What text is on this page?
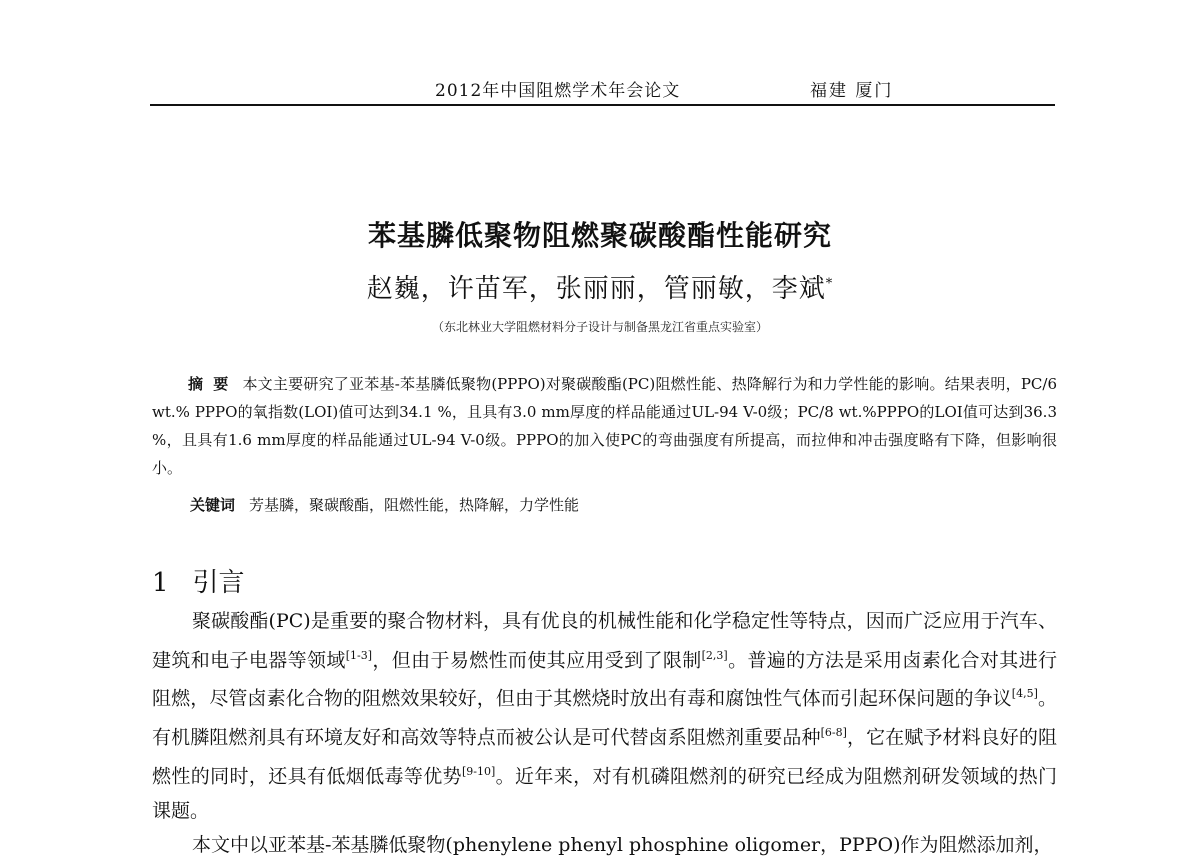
2012年中国阻燃学术年会论文	福建 厦门
苯基膦低聚物阻燃聚碳酸酯性能研究
赵巍，许苗军，张丽丽，管丽敏，李斌*
（东北林业大学阻燃材料分子设计与制备黑龙江省重点实验室）
摘要 本文主要研究了亚苯基-苯基膦低聚物(PPPO)对聚碳酸酯(PC)阻燃性能、热降解行为和力学性能的影响。结果表明，PC/6 wt.% PPPO的氧指数(LOI)值可达到34.1 %，且具有3.0 mm厚度的样品能通过UL-94 V-0级；PC/8 wt.%PPPO的LOI值可达到36.3 %，且具有1.6 mm厚度的样品能通过UL-94 V-0级。PPPO的加入使PC的弯曲强度有所提高，而拉伸和冲击强度略有下降，但影响很小。
关键词 芳基膦，聚碳酸酯，阻燃性能，热降解，力学性能
1 引言

聚碳酸酯(PC)是重要的聚合物材料，具有优良的机械性能和化学稳定性等特点，因而广泛应用于汽车、建筑和电子电器等领域[1-3]，但由于易燃性而使其应用受到了限制[2,3]。普遍的方法是采用卤素化合对其进行阻燃，尽管卤素化合物的阻燃效果较好，但由于其燃烧时放出有毒和腐蚀性气体而引起环保问题的争议[4,5]。有机膦阻燃剂具有环境友好和高效等特点而被公认是可代替卤系阻燃剂重要品种[6-8]，它在赋予材料良好的阻燃性的同时，还具有低烟低毒等优势[9-10]。近年来，对有机磷阻燃剂的研究已经成为阻燃剂研发领域的热门课题。

本文中以亚苯基-苯基膦低聚物(phenylene phenyl phosphine oligomer，PPPO)作为阻燃添加剂，
